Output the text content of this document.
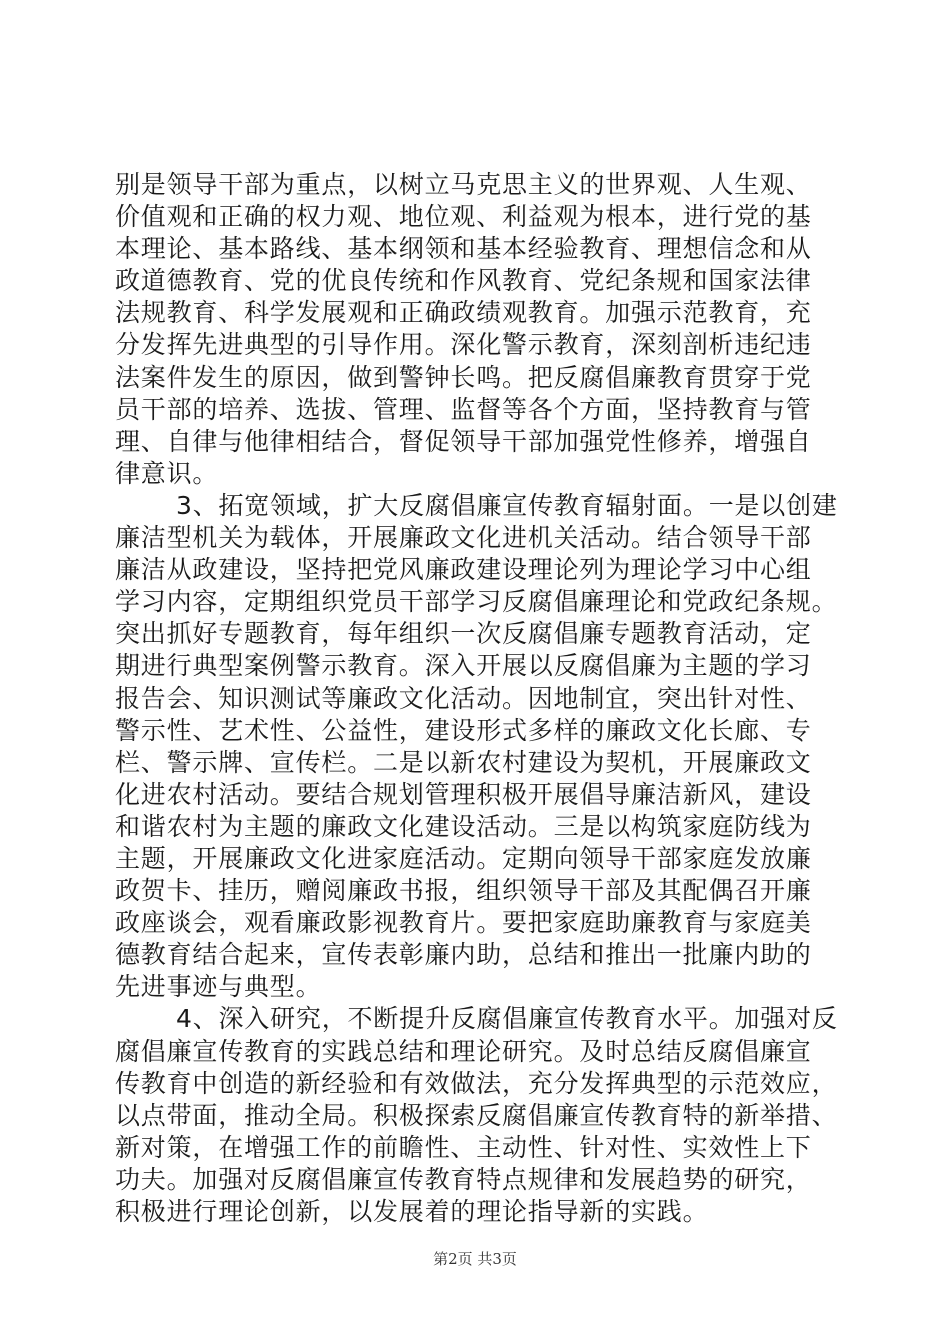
别是领导干部为重点，以树立马克思主义的世界观、人生观、
价值观和正确的权力观、地位观、利益观为根本，进行党的基
本理论、基本路线、基本纲领和基本经验教育、理想信念和从
政道德教育、党的优良传统和作风教育、党纪条规和国家法律
法规教育、科学发展观和正确政绩观教育。加强示范教育，充
分发挥先进典型的引导作用。深化警示教育，深刻剖析违纪违
法案件发生的原因，做到警钟长鸣。把反腐倡廉教育贯穿于党
员干部的培养、选拔、管理、监督等各个方面，坚持教育与管
理、自律与他律相结合，督促领导干部加强党性修养，增强自
律意识。
3、拓宽领域，扩大反腐倡廉宣传教育辐射面。一是以创建
廉洁型机关为载体，开展廉政文化进机关活动。结合领导干部
廉洁从政建设，坚持把党风廉政建设理论列为理论学习中心组
学习内容，定期组织党员干部学习反腐倡廉理论和党政纪条规。
突出抓好专题教育，每年组织一次反腐倡廉专题教育活动，定
期进行典型案例警示教育。深入开展以反腐倡廉为主题的学习
报告会、知识测试等廉政文化活动。因地制宜，突出针对性、
警示性、艺术性、公益性，建设形式多样的廉政文化长廊、专
栏、警示牌、宣传栏。二是以新农村建设为契机，开展廉政文
化进农村活动。要结合规划管理积极开展倡导廉洁新风，建设
和谐农村为主题的廉政文化建设活动。三是以构筑家庭防线为
主题，开展廉政文化进家庭活动。定期向领导干部家庭发放廉
政贺卡、挂历，赠阅廉政书报，组织领导干部及其配偶召开廉
政座谈会，观看廉政影视教育片。要把家庭助廉教育与家庭美
德教育结合起来，宣传表彰廉内助，总结和推出一批廉内助的
先进事迹与典型。
4、深入研究，不断提升反腐倡廉宣传教育水平。加强对反
腐倡廉宣传教育的实践总结和理论研究。及时总结反腐倡廉宣
传教育中创造的新经验和有效做法，充分发挥典型的示范效应，
以点带面，推动全局。积极探索反腐倡廉宣传教育特的新举措、
新对策，在增强工作的前瞻性、主动性、针对性、实效性上下
功夫。加强对反腐倡廉宣传教育特点规律和发展趋势的研究，
积极进行理论创新，以发展着的理论指导新的实践。
第2页 共3页
